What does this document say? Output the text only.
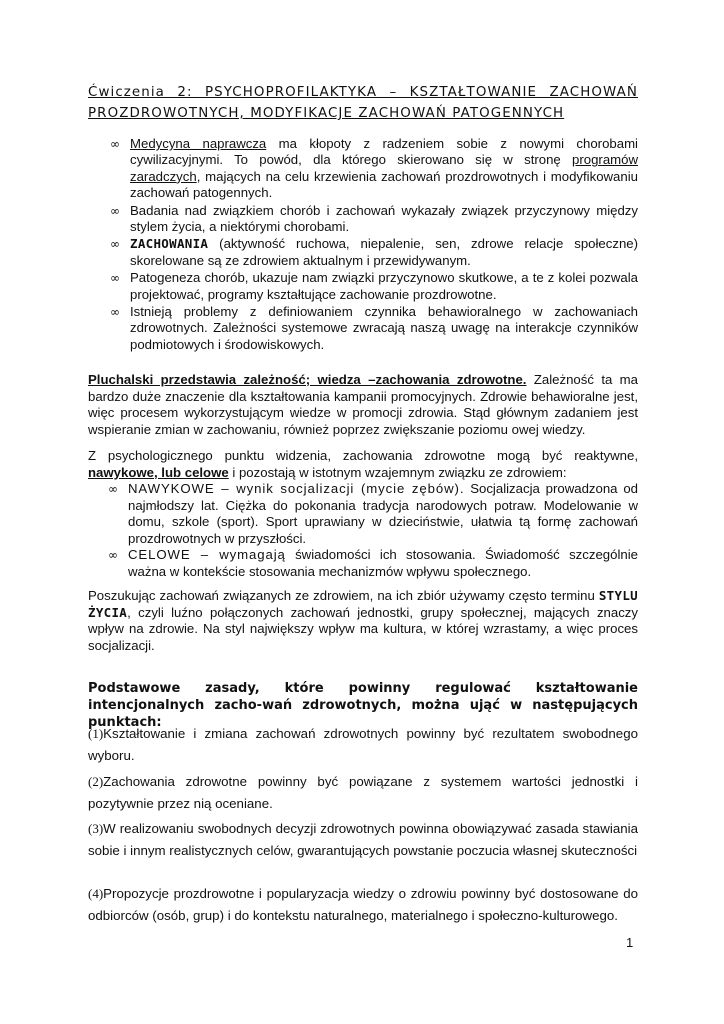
Ćwiczenia 2: PSYCHOPROFILAKTYKA – KSZTAŁTOWANIE ZACHOWAŃ
PROZDROWOTNYCH, MODYFIKACJE ZACHOWAŃ PATOGENNYCH
∞ Medycyna naprawcza ma kłopoty z radzeniem sobie z nowymi chorobami cywilizacyjnymi. To powód, dla którego skierowano się w stronę programów zaradczych, mających na celu krzewienia zachowań prozdrowotnych i modyfikowaniu zachowań patogennych.
∞ Badania nad związkiem chorób i zachowań wykazały związek przyczynowy między stylem życia, a niektórymi chorobami.
∞ ZACHOWANIA (aktywność ruchowa, niepalenie, sen, zdrowe relacje społeczne) skorelowane są ze zdrowiem aktualnym i przewidywanym.
∞ Patogeneza chorób, ukazuje nam związki przyczynowo skutkowe, a te z kolei pozwala projektować, programy kształtujące zachowanie prozdrowotne.
∞ Istnieją problemy z definiowaniem czynnika behawioralnego w zachowaniach zdrowotnych. Zależności systemowe zwracają naszą uwagę na interakcje czynników podmiotowych i środowiskowych.

Pluchalski przedstawia zależność; wiedza –zachowania zdrowotne. Zależność ta ma bardzo duże znaczenie dla kształtowania kampanii promocyjnych. Zdrowie behawioralne jest, więc procesem wykorzystującym wiedze w promocji zdrowia. Stąd głównym zadaniem jest wspieranie zmian w zachowaniu, również poprzez zwiększanie poziomu owej wiedzy.

Z psychologicznego punktu widzenia, zachowania zdrowotne mogą być reaktywne, nawykowe, lub celowe i pozostają w istotnym wzajemnym związku ze zdrowiem:

∞ NAWYKOWE – wynik socjalizacji (mycie zębów). Socjalizacja prowadzona od najmłodszy lat. Ciężka do pokonania tradycja narodowych potraw. Modelowanie w domu, szkole (sport). Sport uprawiany w dzieciństwie, ułatwia tą formę zachowań prozdrowotnych w przyszłości.
∞ CELOWE – wymagają świadomości ich stosowania. Świadomość szczególnie ważna w kontekście stosowania mechanizmów wpływu społecznego.

Poszukując zachowań związanych ze zdrowiem, na ich zbiór używamy często terminu STYLU ŻYCIA, czyli luźno połączonych zachowań jednostki, grupy społecznej, mających znaczy wpływ na zdrowie. Na styl największy wpływ ma kultura, w której wzrastamy, a więc proces socjalizacji.

Podstawowe zasady, które powinny regulować kształtowanie intencjonalnych zacho-wań zdrowotnych, można ująć w następujących punktach:

(1)Kształtowanie i zmiana zachowań zdrowotnych powinny być rezultatem swobodnego wyboru.

(2)Zachowania zdrowotne powinny być powiązane z systemem wartości jednostki i pozytywnie przez nią oceniane.

(3)W realizowaniu swobodnych decyzji zdrowotnych powinna obowiązywać zasada stawiania sobie i innym realistycznych celów, gwarantujących powstanie poczucia własnej skuteczności

(4)Propozycje prozdrowotne i popularyzacja wiedzy o zdrowiu powinny być dostosowane do odbiorców (osób, grup) i do kontekstu naturalnego, materialnego i społeczno-kulturowego.

1
